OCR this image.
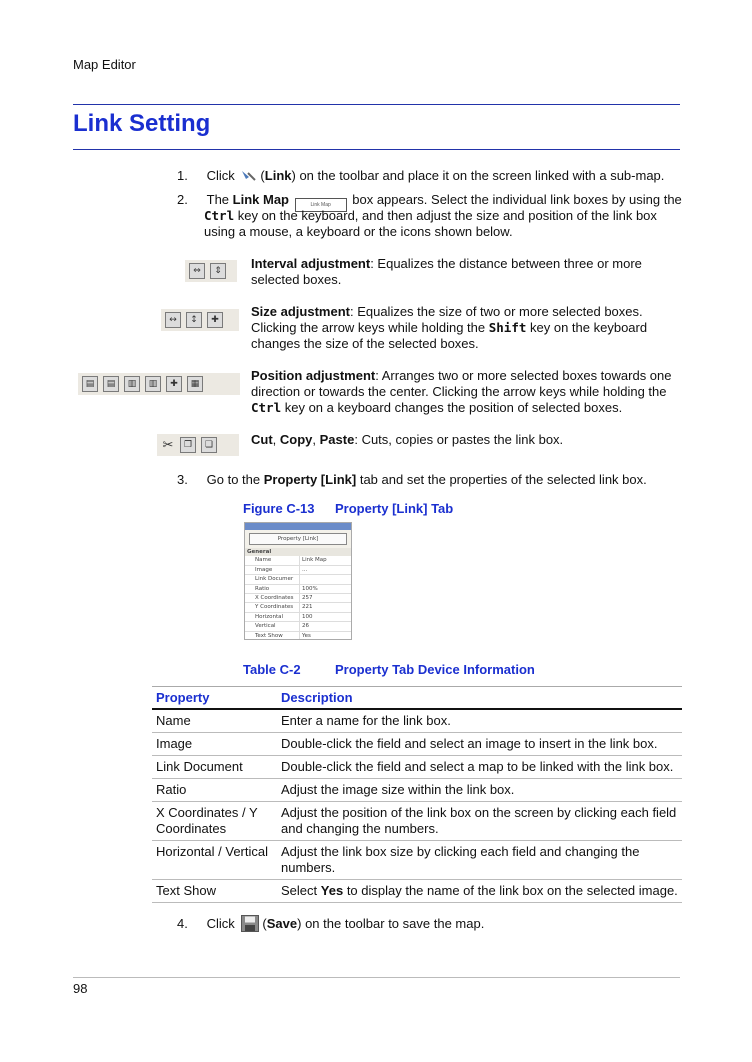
Map Editor
Link Setting
1. Click (Link) on the toolbar and place it on the screen linked with a sub-map.
2. The Link Map	Link Map box appears. Select the individual link boxes by using the
Ctrl key on the keyboard, and then adjust the size and position of the link box
using a mouse, a keyboard or the icons shown below.
⇔	⇕	Interval adjustment: Equalizes the distance between three or more
selected boxes.
↔	↕	✚
Size adjustment: Equalizes the size of two or more selected boxes.
Clicking the arrow keys while holding the Shift key on the keyboard
changes the size of the selected boxes.
▤	▤	▥	▥	✚	▦
Position adjustment: Arranges two or more selected boxes towards one
direction or towards the center. Clicking the arrow keys while holding the
Ctrl key on a keyboard changes the position of selected boxes.
✂	❐	❏	Cut, Copy, Paste: Cuts, copies or pastes the link box.
3. Go to the Property [Link] tab and set the properties of the selected link box.
Figure C-13 Property [Link] Tab
Property [Link]
General
Name	Link Map
Image	...
Link Documer
Ratio	100%
X Coordinates	257
Y Coordinates	221
Horizontal	100
Vertical	26
Text Show	Yes
Table C-2	Property Tab Device Information
Property	Description
Name	Enter a name for the link box.
Image	Double-click the field and select an image to insert in the link box.
Link Document	Double-click the field and select a map to be linked with the link box.
Ratio	Adjust the image size within the link box.
X Coordinates / Y Coordinates	Adjust the position of the link box on the screen by clicking each field and changing the numbers.
Horizontal / Vertical	Adjust the link box size by clicking each field and changing the numbers.
Text Show	Select Yes to display the name of the link box on the selected image.
4. Click (Save) on the toolbar to save the map.
98
